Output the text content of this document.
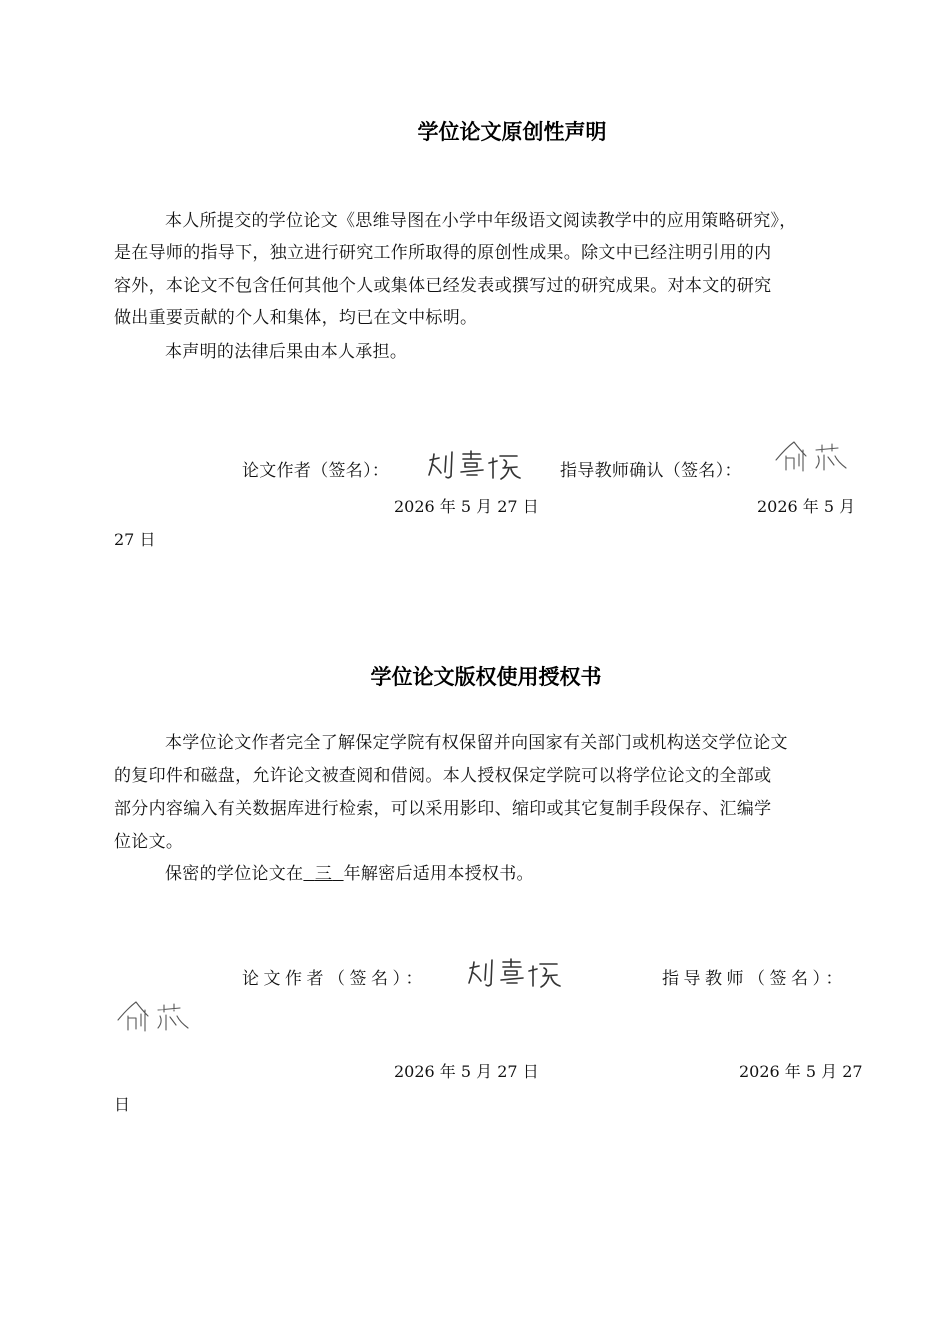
学位论文原创性声明
本人所提交的学位论文《思维导图在小学中年级语文阅读教学中的应用策略研究》，
是在导师的指导下，独立进行研究工作所取得的原创性成果。除文中已经注明引用的内
容外，本论文不包含任何其他个人或集体已经发表或撰写过的研究成果。对本文的研究
做出重要贡献的个人和集体，均已在文中标明。
本声明的法律后果由本人承担。
论文作者（签名）：	指导教师确认（签名）：
2026 年 5 月 27 日	2026 年 5 月
27 日
学位论文版权使用授权书
本学位论文作者完全了解保定学院有权保留并向国家有关部门或机构送交学位论文
的复印件和磁盘，允许论文被查阅和借阅。本人授权保定学院可以将学位论文的全部或
部分内容编入有关数据库进行检索，可以采用影印、缩印或其它复制手段保存、汇编学
位论文。
保密的学位论文在 三 年解密后适用本授权书。
论文作者（签名）：	指导教师（签名）：
2026 年 5 月 27 日	2026 年 5 月 27
日
